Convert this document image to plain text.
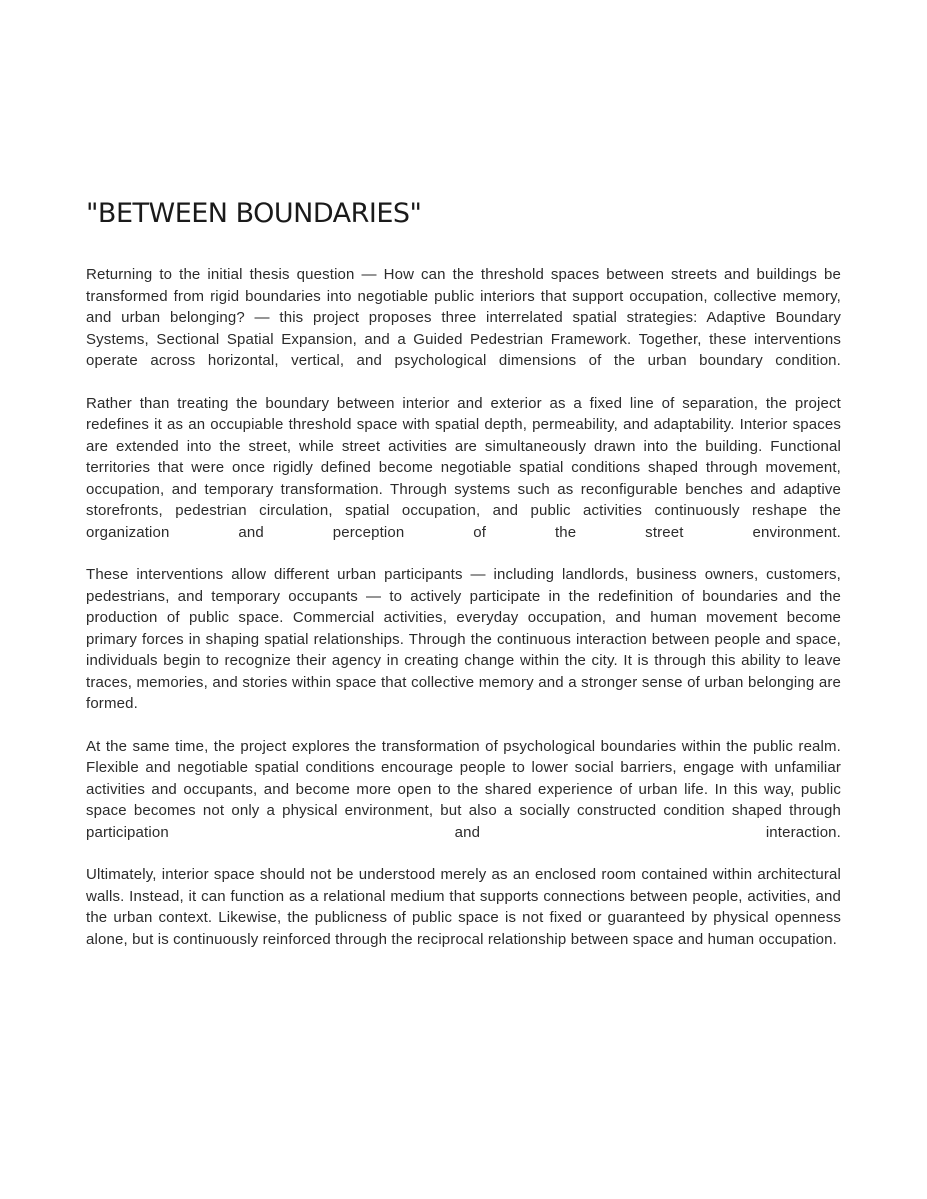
"BETWEEN BOUNDARIES"

Returning to the initial thesis question — How can the threshold spaces between streets and buildings be transformed from rigid boundaries into negotiable public interiors that support occupation, collective memory, and urban belonging? — this project proposes three interrelated spatial strategies: Adaptive Boundary Systems, Sectional Spatial Expansion, and a Guided Pedestrian Framework. Together, these interventions operate across horizontal, vertical, and psychological dimensions of the urban boundary condition.

Rather than treating the boundary between interior and exterior as a fixed line of separation, the project redefines it as an occupiable threshold space with spatial depth, permeability, and adaptability. Interior spaces are extended into the street, while street activities are simultaneously drawn into the building. Functional territories that were once rigidly defined become negotiable spatial conditions shaped through movement, occupation, and temporary transformation. Through systems such as reconfigurable benches and adaptive storefronts, pedestrian circulation, spatial occupation, and public activities continuously reshape the organization and perception of the street environment.

These interventions allow different urban participants — including landlords, business owners, customers, pedestrians, and temporary occupants — to actively participate in the redefinition of boundaries and the production of public space. Commercial activities, everyday occupation, and human movement become primary forces in shaping spatial relationships. Through the continuous interaction between people and space, individuals begin to recognize their agency in creating change within the city. It is through this ability to leave traces, memories, and stories within space that collective memory and a stronger sense of urban belonging are formed.

At the same time, the project explores the transformation of psychological boundaries within the public realm. Flexible and negotiable spatial conditions encourage people to lower social barriers, engage with unfamiliar activities and occupants, and become more open to the shared experience of urban life. In this way, public space becomes not only a physical environment, but also a socially constructed condition shaped through participation and interaction.

Ultimately, interior space should not be understood merely as an enclosed room contained within architectural walls. Instead, it can function as a relational medium that supports connections between people, activities, and the urban context. Likewise, the publicness of public space is not fixed or guaranteed by physical openness alone, but is continuously reinforced through the reciprocal relationship between space and human occupation.
